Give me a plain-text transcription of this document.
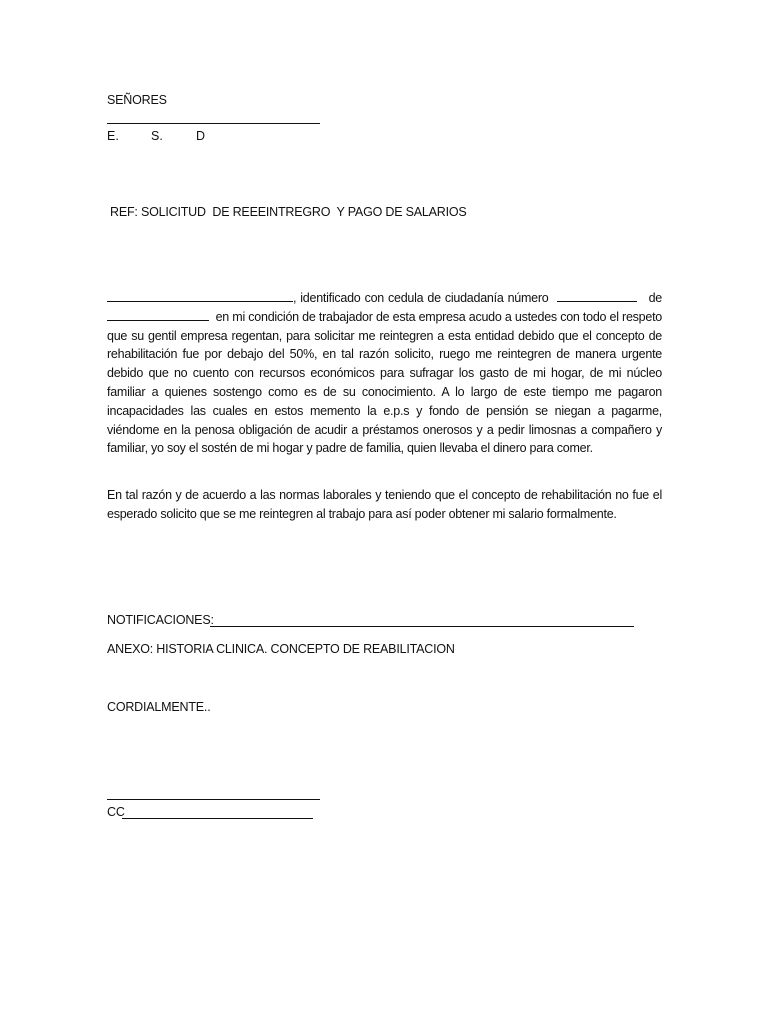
SEÑORES
E.	S.	D
REF: SOLICITUD  DE REEEINTREGRO  Y PAGO DE SALARIOS
, identificado con cedula de ciudadanía número	de   en mi condición de trabajador de esta empresa acudo a ustedes con todo el respeto que su gentil empresa regentan, para solicitar me reintegren a esta entidad debido que el concepto de rehabilitación fue por debajo del 50%, en tal razón solicito, ruego me reintegren de manera urgente debido que no cuento con recursos económicos para sufragar los gasto de mi hogar, de mi núcleo familiar a quienes sostengo como es de su conocimiento. A lo largo de este tiempo me pagaron incapacidades las cuales en estos memento la e.p.s y fondo de pensión se niegan a pagarme, viéndome en la penosa obligación de acudir a préstamos onerosos y a pedir limosnas a compañero y familiar, yo soy el sostén de mi hogar y padre de familia, quien llevaba el dinero para comer.
En tal razón y de acuerdo a las normas laborales y teniendo que el concepto de rehabilitación no fue el esperado solicito que se me reintegren al trabajo para así poder obtener mi salario formalmente.
NOTIFICACIONES:
ANEXO: HISTORIA CLINICA. CONCEPTO DE REABILITACION
CORDIALMENTE..
CC
